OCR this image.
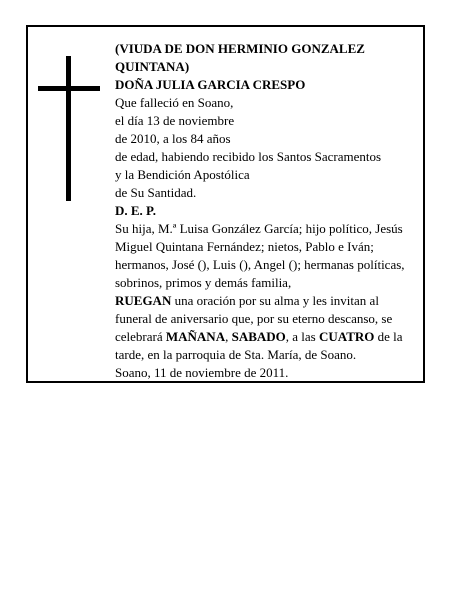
(VIUDA DE DON HERMINIO GONZALEZ
QUINTANA)
DOÑA JULIA GARCIA CRESPO
Que falleció en Soano,
el día 13 de noviembre
de 2010, a los 84 años
de edad, habiendo recibido los Santos Sacramentos
y la Bendición Apostólica
de Su Santidad.
D. E. P.
Su hija, M.ª Luisa González García; hijo político, Jesús
Miguel Quintana Fernández; nietos, Pablo e Iván;
hermanos, José (), Luis (), Angel (); hermanas políticas,
sobrinos, primos y demás familia,
RUEGAN una oración por su alma y les invitan al
funeral de aniversario que, por su eterno descanso, se
celebrará MAÑANA, SABADO, a las CUATRO de la
tarde, en la parroquia de Sta. María, de Soano.
Soano, 11 de noviembre de 2011.
